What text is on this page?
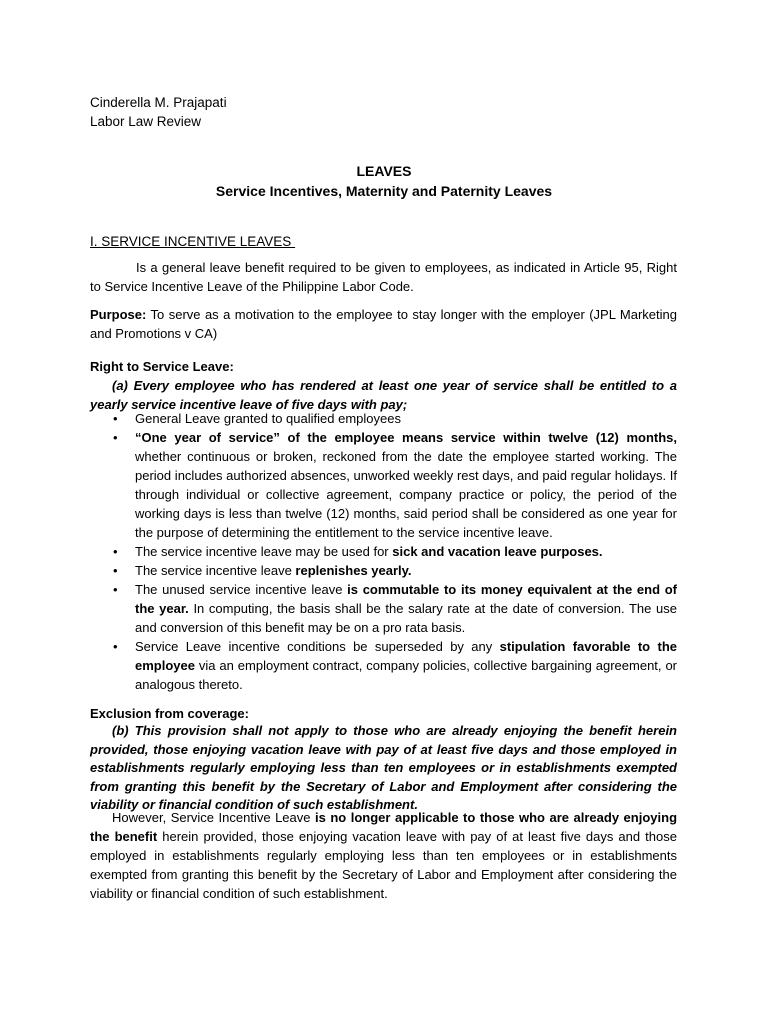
Cinderella M. Prajapati
Labor Law Review
LEAVES
Service Incentives, Maternity and Paternity Leaves
I. SERVICE INCENTIVE LEAVES

Is a general leave benefit required to be given to employees, as indicated in Article 95, Right to Service Incentive Leave of the Philippine Labor Code.

Purpose: To serve as a motivation to the employee to stay longer with the employer (JPL Marketing and Promotions v CA)

Right to Service Leave:

(a) Every employee who has rendered at least one year of service shall be entitled to a yearly service incentive leave of five days with pay;

• General Leave granted to qualified employees
• “One year of service” of the employee means service within twelve (12) months, whether continuous or broken, reckoned from the date the employee started working. The period includes authorized absences, unworked weekly rest days, and paid regular holidays. If through individual or collective agreement, company practice or policy, the period of the working days is less than twelve (12) months, said period shall be considered as one year for the purpose of determining the entitlement to the service incentive leave.
• The service incentive leave may be used for sick and vacation leave purposes.
• The service incentive leave replenishes yearly.
• The unused service incentive leave is commutable to its money equivalent at the end of the year. In computing, the basis shall be the salary rate at the date of conversion. The use and conversion of this benefit may be on a pro rata basis.
• Service Leave incentive conditions be superseded by any stipulation favorable to the employee via an employment contract, company policies, collective bargaining agreement, or analogous thereto.

Exclusion from coverage:

(b) This provision shall not apply to those who are already enjoying the benefit herein provided, those enjoying vacation leave with pay of at least five days and those employed in establishments regularly employing less than ten employees or in establishments exempted from granting this benefit by the Secretary of Labor and Employment after considering the viability or financial condition of such establishment.

However, Service Incentive Leave is no longer applicable to those who are already enjoying the benefit herein provided, those enjoying vacation leave with pay of at least five days and those employed in establishments regularly employing less than ten employees or in establishments exempted from granting this benefit by the Secretary of Labor and Employment after considering the viability or financial condition of such establishment.
